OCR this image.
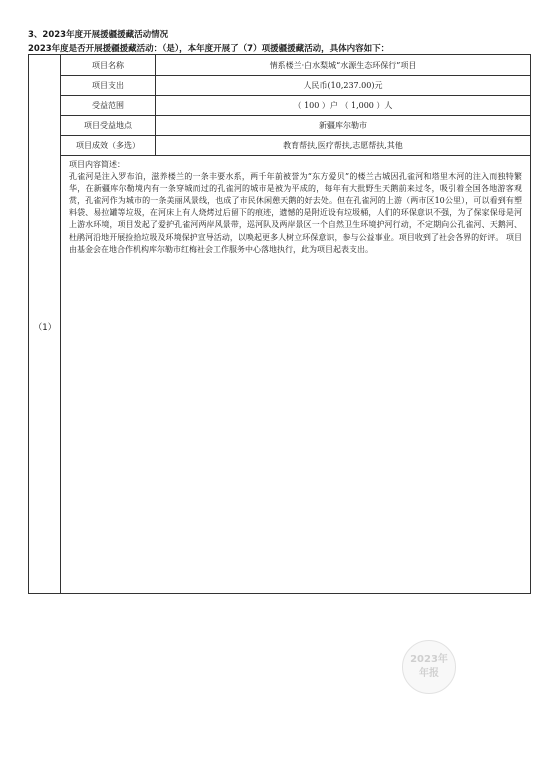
3、2023年度开展援疆援藏活动情况
2023年度是否开展援疆援藏活动：（是），本年度开展了（7）项援疆援藏活动，具体内容如下：
（1）
项目名称	情系楼兰·白水梨城“水源生态环保行”项目
项目支出	人民币(10,237.00)元
受益范围	（ 100 ）户 （ 1,000 ）人
项目受益地点	新疆库尔勒市
项目成效（多选）	教育帮扶,医疗帮扶,志愿帮扶,其他
项目内容简述：
孔雀河是注入罗布泊，滋养楼兰的一条丰要水系，两千年前被誉为“东方爱贝”的楼兰古城因孔雀河和塔里木河的注入而独特繁华，在新疆库尔勒境内有一条穿城而过的孔雀河的城市是被为平成的，每年有大批野生天鹅前来过冬，吸引着全国各地游客观赏，孔雀河作为城市的一条美丽风景线，也成了市民休闲憩天鹅的好去处。但在孔雀河的上游（两市区10公里），可以看到有塑料袋、易拉罐等垃圾，在河床上有人烧烤过后留下的痕迹，遗憾的是附近设有垃圾桶，人们的环保意识不强，为了保家保母是河上游水环境，项目发起了爱护孔雀河两岸风景带，巡河队及两岸景区一个自然卫生环境护河行动，不定期向公孔雀河、天鹅河、杜鹃河沿地开展捡拾垃圾及环境保护宣导活动，以唤起更多人树立环保意识，参与公益事业。项目收到了社会各界的好评。 项目由基金会在地合作机构库尔勒市红梅社会工作服务中心落地执行，此为项目起表支出。
2023年
年报
